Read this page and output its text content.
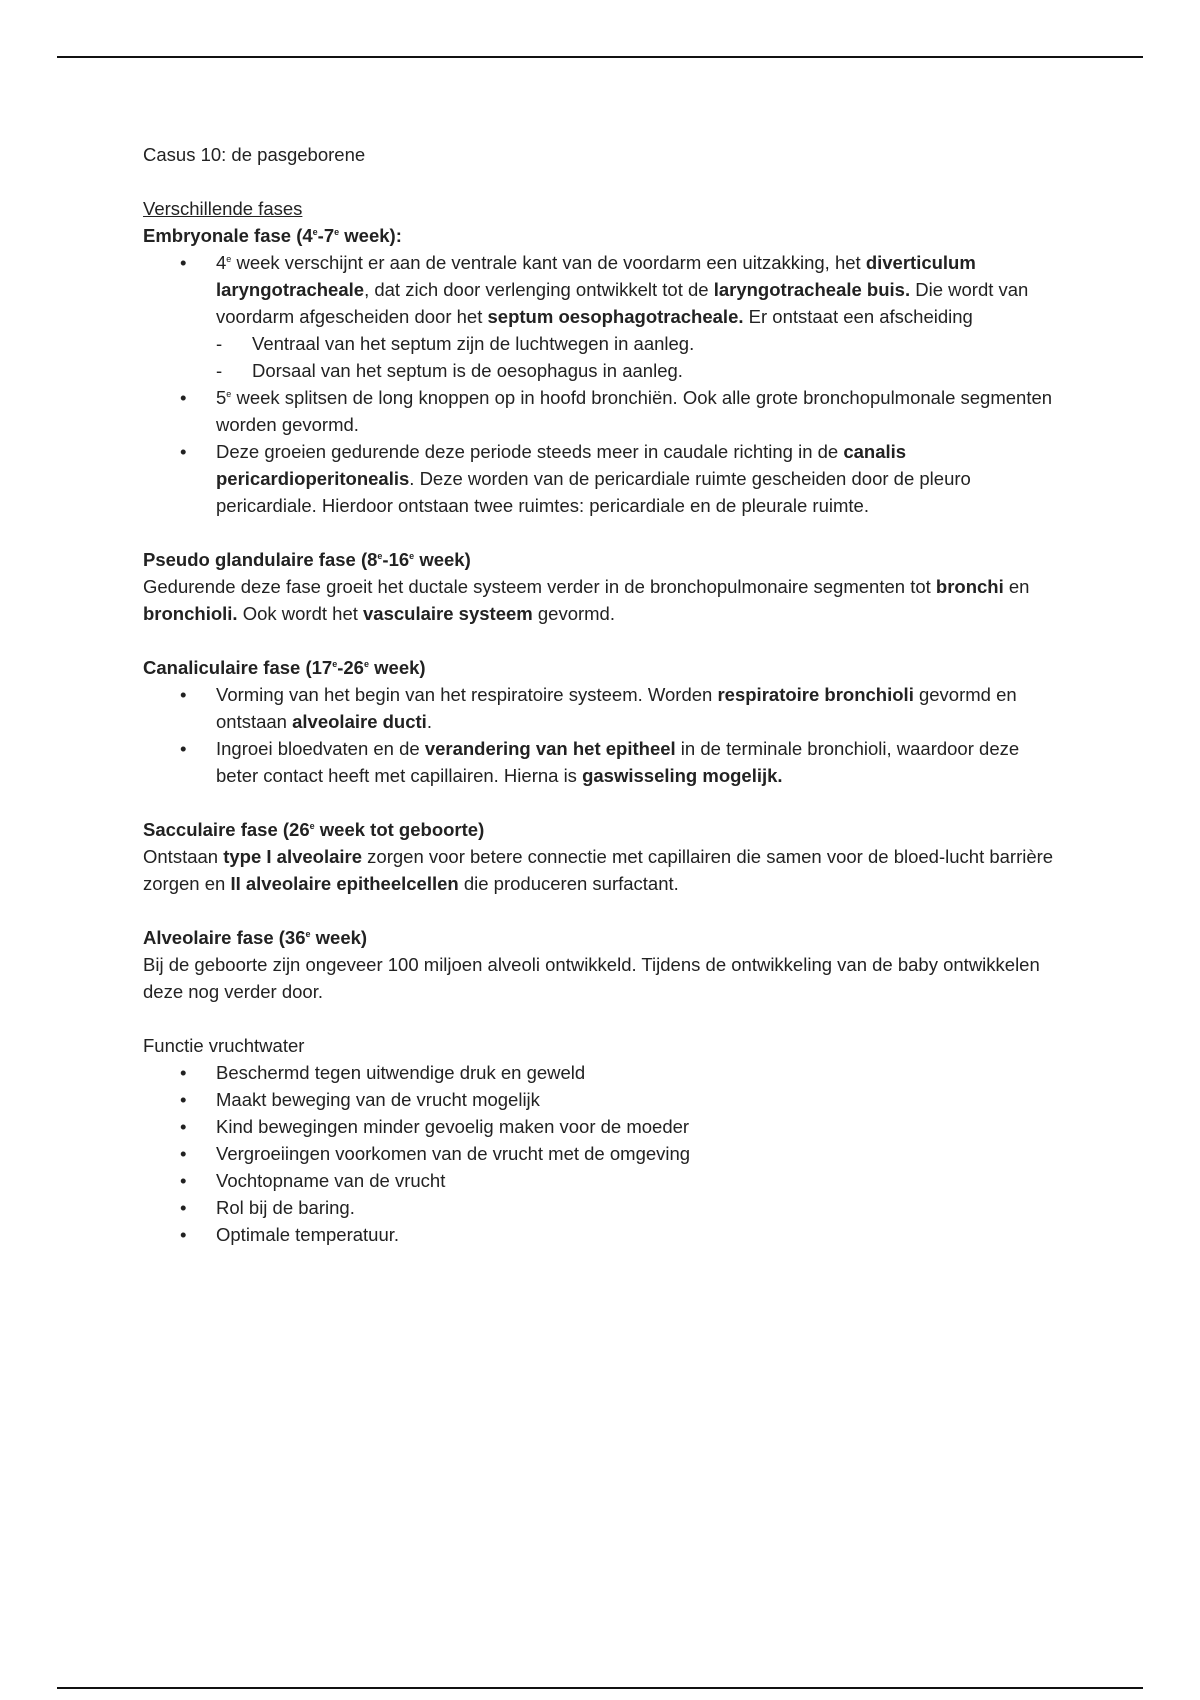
Casus 10: de pasgeborene

Verschillende fases

Embryonale fase (4e-7e week):

• 4e week verschijnt er aan de ventrale kant van de voordarm een uitzakking, het diverticulum laryngotracheale, dat zich door verlenging ontwikkelt tot de laryngotracheale buis. Die wordt van voordarm afgescheiden door het septum oesophagotracheale. Er ontstaat een afscheiding
- Ventraal van het septum zijn de luchtwegen in aanleg.
- Dorsaal van het septum is de oesophagus in aanleg.
• 5e week splitsen de long knoppen op in hoofd bronchiën. Ook alle grote bronchopulmonale segmenten worden gevormd.
• Deze groeien gedurende deze periode steeds meer in caudale richting in de canalis pericardioperitonealis. Deze worden van de pericardiale ruimte gescheiden door de pleuro pericardiale. Hierdoor ontstaan twee ruimtes: pericardiale en de pleurale ruimte.

Pseudo glandulaire fase (8e-16e week)

Gedurende deze fase groeit het ductale systeem verder in de bronchopulmonaire segmenten tot bronchi en bronchioli. Ook wordt het vasculaire systeem gevormd.

Canaliculaire fase (17e-26e week)

• Vorming van het begin van het respiratoire systeem. Worden respiratoire bronchioli gevormd en ontstaan alveolaire ducti.
• Ingroei bloedvaten en de verandering van het epitheel in de terminale bronchioli, waardoor deze beter contact heeft met capillairen. Hierna is gaswisseling mogelijk.

Sacculaire fase (26e week tot geboorte)

Ontstaan type I alveolaire zorgen voor betere connectie met capillairen die samen voor de bloed-lucht barrière zorgen en II alveolaire epitheelcellen die produceren surfactant.

Alveolaire fase (36e week)

Bij de geboorte zijn ongeveer 100 miljoen alveoli ontwikkeld. Tijdens de ontwikkeling van de baby ontwikkelen deze nog verder door.

Functie vruchtwater

• Beschermd tegen uitwendige druk en geweld
• Maakt beweging van de vrucht mogelijk
• Kind bewegingen minder gevoelig maken voor de moeder
• Vergroeiingen voorkomen van de vrucht met de omgeving
• Vochtopname van de vrucht
• Rol bij de baring.
• Optimale temperatuur.
